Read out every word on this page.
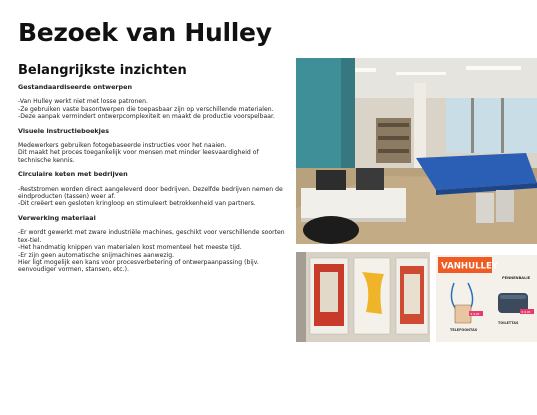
Bezoek van Hulley
Belangrijkste inzichten

Gestandaardiseerde ontwerpen

-Van Hulley werkt niet met losse patronen.
-Ze gebruiken vaste basontwerpen die toepasbaar zijn op verschillende materialen.
-Deze aanpak vermindert ontwerpcomplexiteit en maakt de productie voorspelbaar.

Visuele instructieboekjes

Medewerkers gebruiken fotogebaseerde instructies voor het naaien.
Dit maakt het proces toegankelijk voor mensen met minder leesvaardigheid of technische kennis.

Circulaire keten met bedrijven

-Reststromen worden direct aangeleverd door bedrijven. Dezelfde bedrijven nemen de eindproducten (tassen) weer af.
-Dit creëert een gesloten kringloop en stimuleert betrokkenheid van partners.

Verwerking materiaal

-Er wordt gewerkt met zware industriële machines, geschikt voor verschillende soorten tex-tiel.
-Het handmatig knippen van materialen kost momenteel het meeste tijd.
-Er zijn geen automatische snijmachines aanwezig.
Hier ligt mogelijk een kans voor procesverbetering of ontwerpaanpassing (bijv. eenvoudiger vormen, stansen, etc.).	VANHULLEY
PENNENBALIE
€ 9,95	€ 9,95
TELEFOONTAS
TOILETTAS
